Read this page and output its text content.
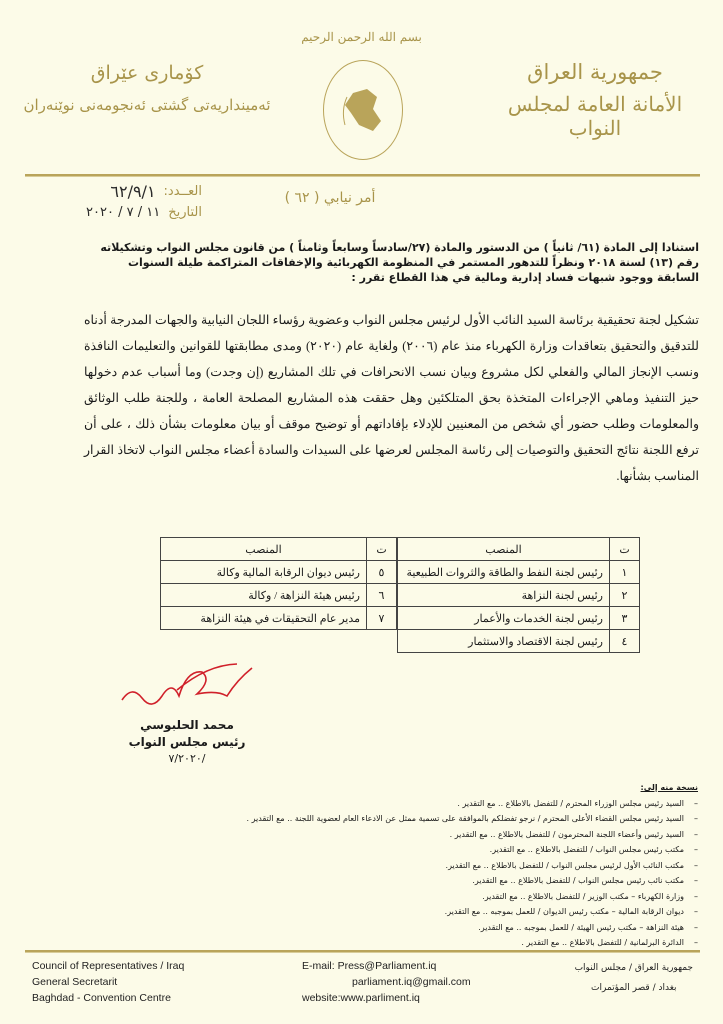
بسم الله الرحمن الرحيم
جمهورية العراق
الأمانة العامة لمجلس النواب
كۆماری عێراق
ئەمینداریەتی گشتی ئەنجومەنی نوێنەران
أمر نيابي ( ٦٢ )
العــدد:
٦٢/٩/١
التاريخ
١١ / ٧ / ٢٠٢٠
استنادا إلى المادة (٦١/ ثانياً ) من الدستور والمادة (٢٧/سادساً وسابعاً وثامناً ) من قانون مجلس النواب وتشكيلاته رقم (١٣) لسنة ٢٠١٨ ونظراً للتدهور المستمر في المنظومة الكهربائية والإخفاقات المتراكمة طيلة السنوات السابقة ووجود شبهات فساد إدارية ومالية في هذا القطاع تقرر :
تشكيل لجنة تحقيقية برئاسة السيد النائب الأول لرئيس مجلس النواب وعضوية رؤساء اللجان النيابية والجهات المدرجة أدناه للتدقيق والتحقيق بتعاقدات وزارة الكهرباء منذ عام (٢٠٠٦) ولغاية عام (٢٠٢٠) ومدى مطابقتها للقوانين والتعليمات النافذة ونسب الإنجاز المالي والفعلي لكل مشروع وبيان نسب الانحرافات في تلك المشاريع (إن وجدت) وما أسباب عدم دخولها حيز التنفيذ وماهي الإجراءات المتخذة بحق المتلكئين وهل حققت هذه المشاريع المصلحة العامة ، وللجنة طلب الوثائق والمعلومات وطلب حضور أي شخص من المعنيين للإدلاء بإفاداتهم أو توضيح موقف أو بيان معلومات بشأن ذلك ، على أن ترفع اللجنة نتائج التحقيق والتوصيات إلى رئاسة المجلس لعرضها على السيدات والسادة أعضاء مجلس النواب لاتخاذ القرار المناسب بشأنها.
ت	المنصب
١	رئيس لجنة النفط والطاقة والثروات الطبيعية
٢	رئيس لجنة النزاهة
٣	رئيس لجنة الخدمات والأعمار
٤	رئيس لجنة الاقتصاد والاستثمار
ت	المنصب
٥	رئيس ديوان الرقابة المالية وكالة
٦	رئيس هيئة النزاهة / وكالة
٧	مدير عام التحقيقات في هيئة النزاهة
محمد الحلبوسي
رئيس مجلس النواب
/٧/٢٠٢٠
نسخة منه إلى:
– السيد رئيس مجلس الوزراء المحترم / للتفضل بالاطلاع .. مع التقدير .
– السيد رئيس مجلس القضاء الأعلى المحترم / نرجو تفضلكم بالموافقة على تسمية ممثل عن الادعاء العام لعضوية اللجنة .. مع التقدير .
– السيد رئيس وأعضاء اللجنة المحترمون / للتفضل بالاطلاع .. مع التقدير .
– مكتب رئيس مجلس النواب / للتفضل بالاطلاع .. مع التقدير.
– مكتب النائب الأول لرئيس مجلس النواب / للتفضل بالاطلاع .. مع التقدير.
– مكتب نائب رئيس مجلس النواب / للتفضل بالاطلاع .. مع التقدير.
– وزارة الكهرباء – مكتب الوزير / للتفضل بالاطلاع .. مع التقدير.
– ديوان الرقابة المالية – مكتب رئيس الديوان / للعمل بموجبه .. مع التقدير.
– هيئة النزاهة – مكتب رئيس الهيئة / للعمل بموجبه .. مع التقدير.
– الدائرة البرلمانية / للتفضل بالاطلاع .. مع التقدير .
Council of Representatives / Iraq
General Secretarit
Baghdad - Convention Centre
E-mail: Press@Parliament.iq
parliament.iq@gmail.com
website:www.parliment.iq
جمهورية العراق / مجلس النواب
بغداد / قصر المؤتمرات
